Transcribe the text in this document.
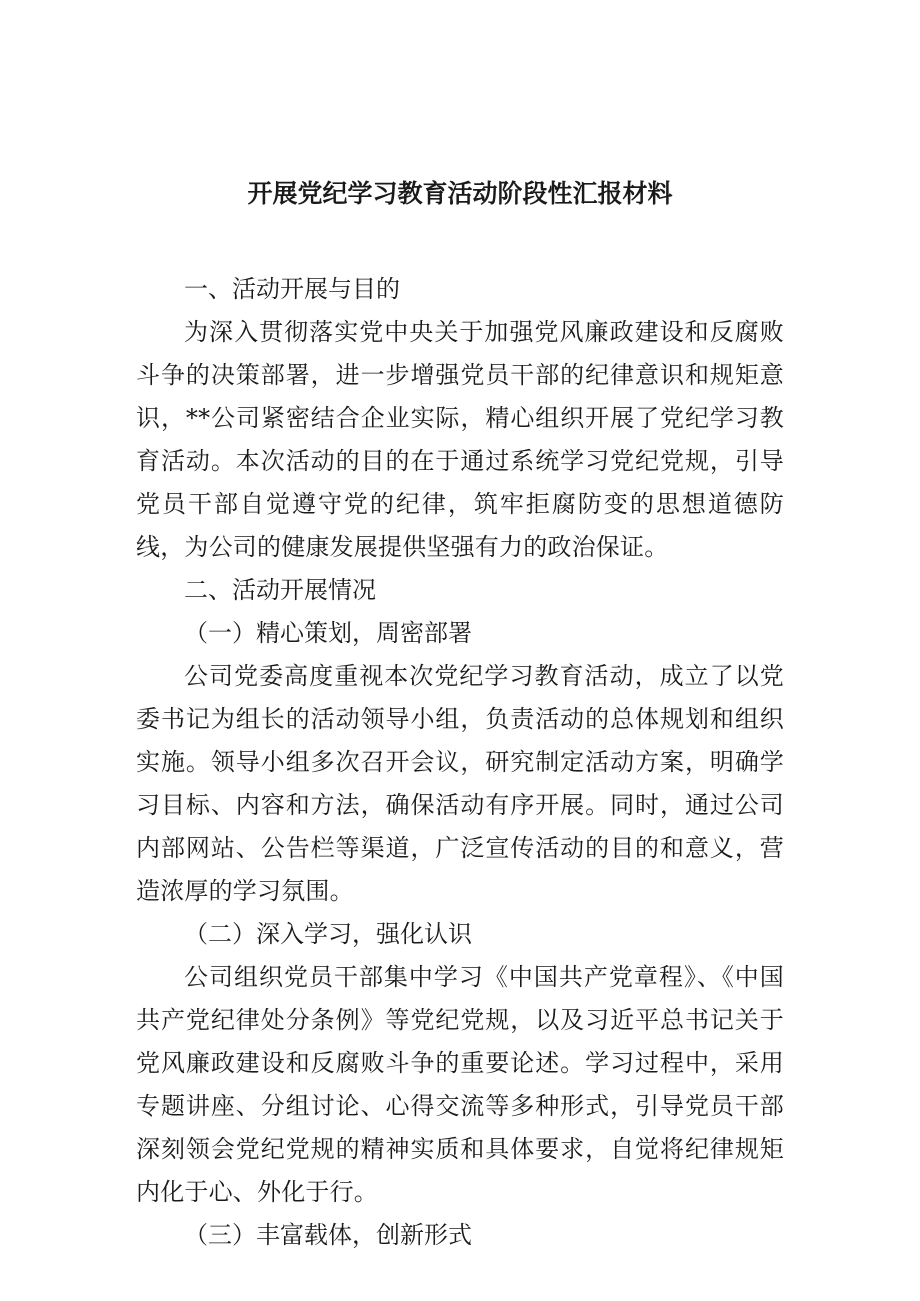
开展党纪学习教育活动阶段性汇报材料

一、活动开展与目的

为深入贯彻落实党中央关于加强党风廉政建设和反腐败斗争的决策部署，进一步增强党员干部的纪律意识和规矩意识，**公司紧密结合企业实际，精心组织开展了党纪学习教育活动。本次活动的目的在于通过系统学习党纪党规，引导党员干部自觉遵守党的纪律，筑牢拒腐防变的思想道德防线，为公司的健康发展提供坚强有力的政治保证。

二、活动开展情况

（一）精心策划，周密部署

公司党委高度重视本次党纪学习教育活动，成立了以党委书记为组长的活动领导小组，负责活动的总体规划和组织实施。领导小组多次召开会议，研究制定活动方案，明确学习目标、内容和方法，确保活动有序开展。同时，通过公司内部网站、公告栏等渠道，广泛宣传活动的目的和意义，营造浓厚的学习氛围。

（二）深入学习，强化认识

公司组织党员干部集中学习《中国共产党章程》、《中国共产党纪律处分条例》等党纪党规，以及习近平总书记关于党风廉政建设和反腐败斗争的重要论述。学习过程中，采用专题讲座、分组讨论、心得交流等多种形式，引导党员干部深刻领会党纪党规的精神实质和具体要求，自觉将纪律规矩内化于心、外化于行。

（三）丰富载体，创新形式
